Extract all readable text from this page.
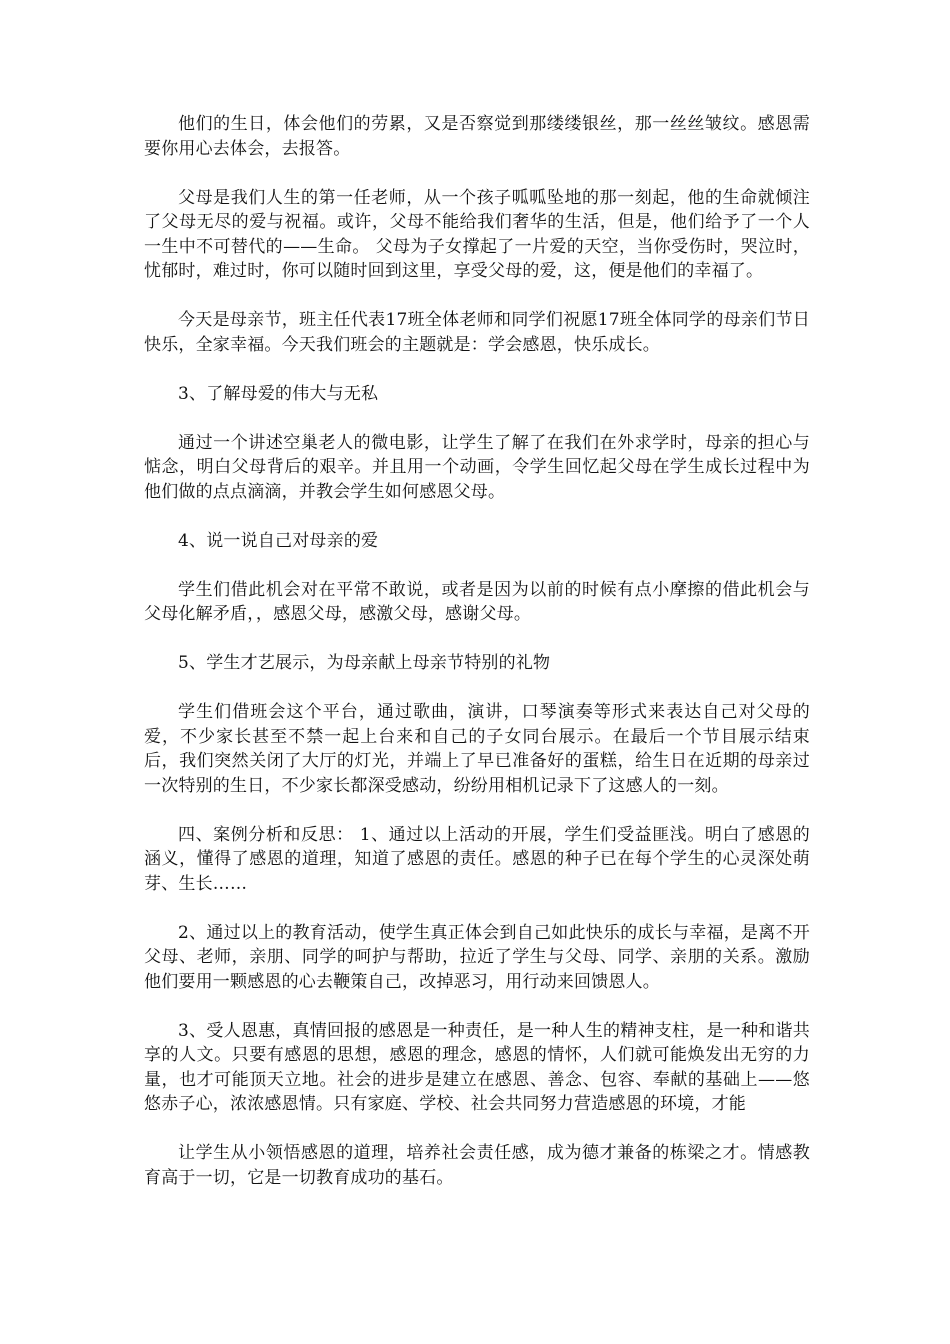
他们的生日，体会他们的劳累，又是否察觉到那缕缕银丝，那一丝丝皱纹。感恩需要你用心去体会，去报答。

父母是我们人生的第一任老师，从一个孩子呱呱坠地的那一刻起，他的生命就倾注了父母无尽的爱与祝福。或许，父母不能给我们奢华的生活，但是，他们给予了一个人一生中不可替代的——生命。 父母为子女撑起了一片爱的天空，当你受伤时，哭泣时，忧郁时，难过时，你可以随时回到这里，享受父母的爱，这，便是他们的幸福了。

今天是母亲节，班主任代表17班全体老师和同学们祝愿17班全体同学的母亲们节日快乐，全家幸福。今天我们班会的主题就是：学会感恩，快乐成长。

3、了解母爱的伟大与无私

通过一个讲述空巢老人的微电影，让学生了解了在我们在外求学时，母亲的担心与惦念，明白父母背后的艰辛。并且用一个动画，令学生回忆起父母在学生成长过程中为他们做的点点滴滴，并教会学生如何感恩父母。

4、说一说自己对母亲的爱

学生们借此机会对在平常不敢说，或者是因为以前的时候有点小摩擦的借此机会与父母化解矛盾，，感恩父母，感激父母，感谢父母。

5、学生才艺展示，为母亲献上母亲节特别的礼物

学生们借班会这个平台，通过歌曲，演讲，口琴演奏等形式来表达自己对父母的爱，不少家长甚至不禁一起上台来和自己的子女同台展示。在最后一个节目展示结束后，我们突然关闭了大厅的灯光，并端上了早已准备好的蛋糕，给生日在近期的母亲过一次特别的生日，不少家长都深受感动，纷纷用相机记录下了这感人的一刻。

四、案例分析和反思： 1、通过以上活动的开展，学生们受益匪浅。明白了感恩的涵义，懂得了感恩的道理，知道了感恩的责任。感恩的种子已在每个学生的心灵深处萌芽、生长……

2、通过以上的教育活动，使学生真正体会到自己如此快乐的成长与幸福，是离不开父母、老师，亲朋、同学的呵护与帮助，拉近了学生与父母、同学、亲朋的关系。激励他们要用一颗感恩的心去鞭策自己，改掉恶习，用行动来回馈恩人。

3、受人恩惠，真情回报的感恩是一种责任，是一种人生的精神支柱，是一种和谐共享的人文。只要有感恩的思想，感恩的理念，感恩的情怀，人们就可能焕发出无穷的力量，也才可能顶天立地。社会的进步是建立在感恩、善念、包容、奉献的基础上——悠悠赤子心，浓浓感恩情。只有家庭、学校、社会共同努力营造感恩的环境，才能

让学生从小领悟感恩的道理，培养社会责任感，成为德才兼备的栋梁之才。情感教育高于一切，它是一切教育成功的基石。
